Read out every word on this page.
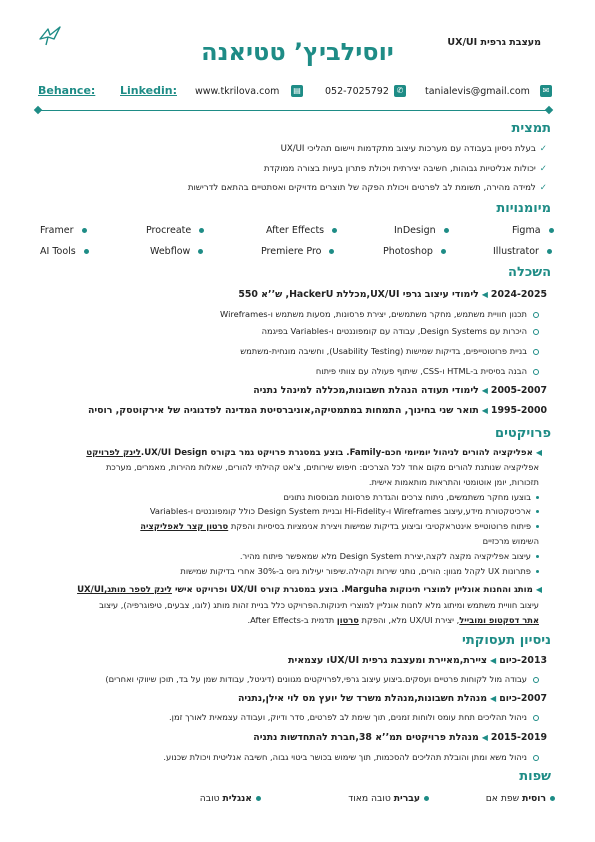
מעצבת גרפית UX/UI
יוסילביץ’ טטיאנה
Behance: Linkedin: www.tkrilova.com ▤	052-7025792 ✆ tanialevis@gmail.com	✉
תמצית
✓בעלת ניסיון בעבודה עם מערכות עיצוב מתקדמות ויישום תהליכי UX/UI
✓יכולות אנליטיות גבוהות, חשיבה יצירתית ויכולת פתרון בעיות בצורה ממוקדת
✓למידה מהירה, תשומת לב לפרטים ויכולת הפקה של תוצרים מדויקים ואסתטיים בהתאם לדרישות
מיומנויות
Framer	Procreate	After Effects	InDesign	Figma
AI Tools	Webflow	Premiere Pro	Photoshop	Illustrator
השכלה
2024-2025◀לימודי עיצוב גרפי UX/UI,מכללת HackerU, ש’’א 550
תכנון חוויית משתמש, מחקר משתמשים, יצירת פרסונות, מסעות משתמש ו-Wireframes
היכרות עם Design Systems, עבודה עם קומפוננטים ו-Variables בפיגמה
בניית פרוטוטייפים, בדיקות שמישות (Usability Testing), וחשיבה מונחית-משתמש
הבנה בסיסית ב-HTML ו-CSS, שיתוף פעולה עם צוותי פיתוח
2005-2007◀לימודי תעודה הנהלת חשבונות,מכללה למינהל נתניה
1995-2000◀תואר שני בחינוך, התמחות במתמטיקה,אוניברסיטת המדינה לפדגוגיה של אירקוטסק, רוסיה
פרויקטים
◀אפליקציה להורים לניהול יומיומי חכם-Family. בוצע במסגרת פרויקט גמר בקורס UX/UI Design.לינק לפרויקט
אפליקציה שנותנת להורים מקום אחד לכל הצרכים: חיפוש שירותים, צ'אט קהילתי להורים, שאלות מהירות, מאמרים, מערכת
תזכורות, יומן אוטומטי והתראות מותאמות אישית.
בוצעו מחקר משתמשים, ניתוח צרכים והגדרת פרסונות מבוססות נתונים
ארכיטקטורת מידע,עיצוב Wireframes ו-Hi-Fidelity ובניית Design System כולל קומפוננטים ו-Variables
פיתוח פרוטוטייפ אינטראקטיבי וביצוע בדיקות שמישות ויצירת אנימציות בסיסיות והפקת סרטון קצר לאפליקציה
השימוש מרכזיים
עיצוב אפליקציה מקצה לקצה,יצירת Design System מלא שמאפשר פיתוח מהיר.
פתרונות UX לקהל מגוון: הורים, נותני שירות וקהילה.שיפור יעילות גיוס ב-30% אחרי בדיקות שמישות
◀מותג והחנות אונליין למוצרי תינוקות Marguha. בוצע במסגרת קורס UX/UI ופרויקט אישי לינק לספר מותג,UX/UI
עיצוב חוויית משתמש ומיתוג מלא לחנות אונליין למוצרי תינוקות.הפרויקט כלל בניית זהות מותג (לוגו, צבעים, טיפוגרפיה), עיצוב
אתר דסקטופ ומובייל, יצירת UX/UI מלא, והפקת סרטון תדמית ב-After Effects.
ניסיון תעסוקתי
2013-כיום◀ציירת,מאיירת ומעצבת גרפית UX/UIו עצמאית
עבודה מול לקוחות פרטיים ועסקים.ביצוע עיצוב גרפי,לפרויקטים מגוונים (דיגיטל, עבודות שמן על בד, תוכן שיווקי ואחרים)
2007-כיום◀מנהלת חשבונות,מנהלת משרד של יועץ מס לוי אילן,נתניה
ניהול תהליכים תחת עומס ולוחות זמנים, תוך שימת לב לפרטים, סדר ודיוק, ועבודה עצמאית לאורך זמן.
2015-2019◀מנהלת פרויקטים תמ’’א 38,חברת להתחדשות נתניה
ניהול משא ומתן והובלת תהליכים להסכמות, תוך שימוש בכושר ביטוי גבוה, חשיבה אנליטית ויכולת שכנוע.
שפות
רוסית שפת אם
עברית טובה מאוד
אנגלית טובה
